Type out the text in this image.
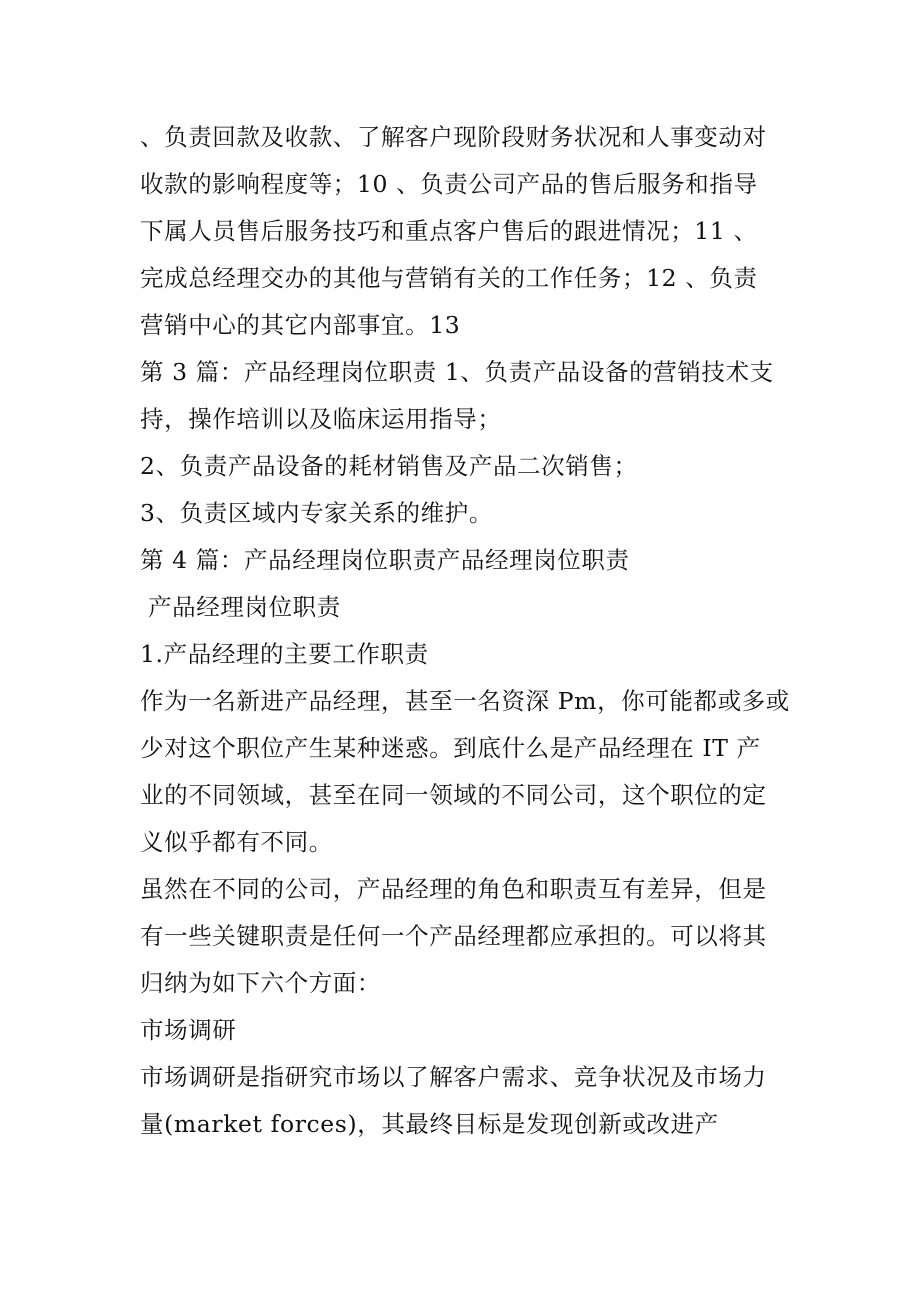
、负责回款及收款、了解客户现阶段财务状况和人事变动对
收款的影响程度等；10 、负责公司产品的售后服务和指导
下属人员售后服务技巧和重点客户售后的跟进情况；11 、
完成总经理交办的其他与营销有关的工作任务；12 、负责
营销中心的其它内部事宜。13
第 3 篇：产品经理岗位职责 1、负责产品设备的营销技术支
持，操作培训以及临床运用指导；
2、负责产品设备的耗材销售及产品二次销售；
3、负责区域内专家关系的维护。
第 4 篇：产品经理岗位职责产品经理岗位职责
产品经理岗位职责
1.产品经理的主要工作职责
作为一名新进产品经理，甚至一名资深 Pm，你可能都或多或
少对这个职位产生某种迷惑。到底什么是产品经理在 IT 产
业的不同领域，甚至在同一领域的不同公司，这个职位的定
义似乎都有不同。
虽然在不同的公司，产品经理的角色和职责互有差异，但是
有一些关键职责是任何一个产品经理都应承担的。可以将其
归纳为如下六个方面：
市场调研
市场调研是指研究市场以了解客户需求、竞争状况及市场力
量(market forces)，其最终目标是发现创新或改进产
